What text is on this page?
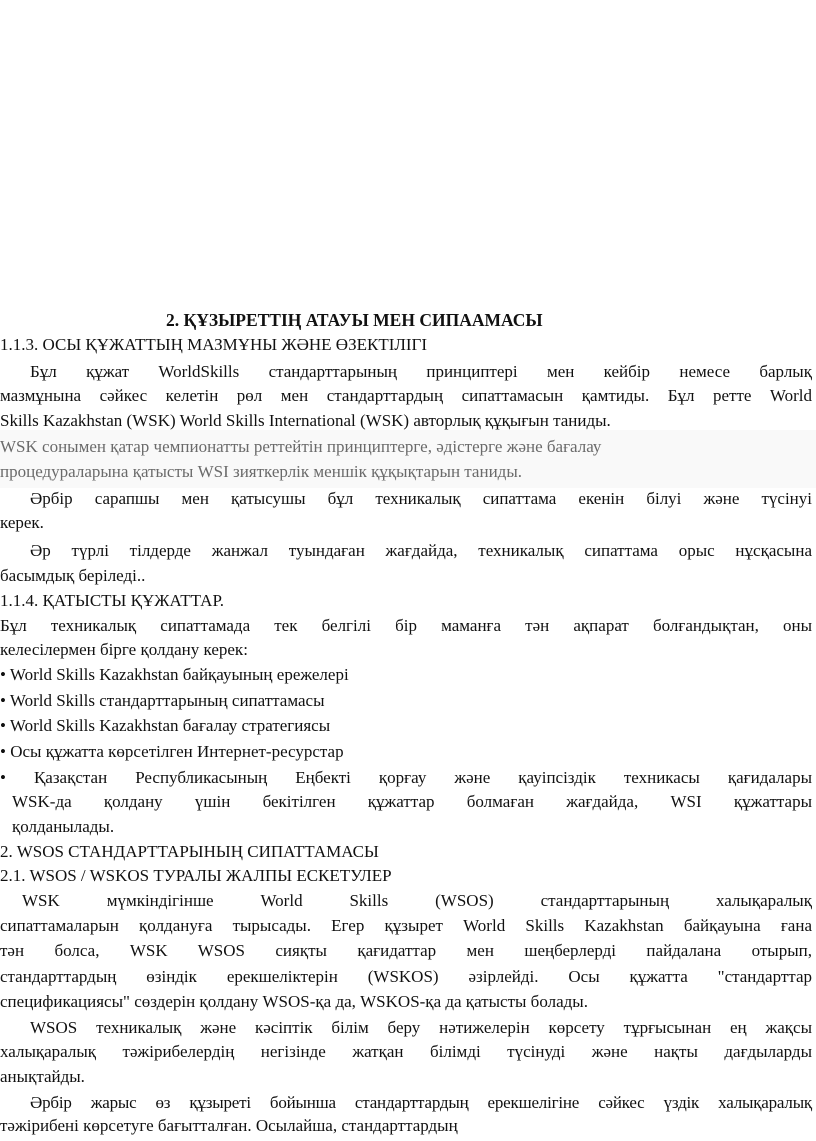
2. ҚҰЗЫРЕТТІҢ АТАУЫ МЕН СИПААМАСЫ
1.1.3. ОСЫ ҚҰЖАТТЫҢ МАЗМҰНЫ ЖӘНЕ ӨЗЕКТІЛІГІ
Бұл құжат WorldSkills стандарттарының принциптері мен кейбір немесе барлық
мазмұнына сәйкес келетін рөл мен стандарттардың сипаттамасын қамтиды. Бұл ретте World
Skills Kazakhstan (WSK) World Skills International (WSK) авторлық құқығын таниды.
WSK сонымен қатар чемпионатты реттейтін принциптерге, әдістерге және бағалау
процедураларына қатысты WSI зияткерлік меншік құқықтарын таниды.
Әрбір сарапшы мен қатысушы бұл техникалық сипаттама екенін білуі және түсінуі
керек.
Әр түрлі тілдерде жанжал туындаған жағдайда, техникалық сипаттама орыс нұсқасына
басымдық беріледі..
1.1.4. ҚАТЫСТЫ ҚҰЖАТТАР.
Бұл техникалық сипаттамада тек белгілі бір маманға тән ақпарат болғандықтан, оны
келесілермен бірге қолдану керек:
• World Skills Kazakhstan байқауының ережелері
• World Skills стандарттарының сипаттамасы
• World Skills Kazakhstan бағалау стратегиясы
• Осы құжатта көрсетілген Интернет-ресурстар
• Қазақстан Республикасының Еңбекті қорғау және қауіпсіздік техникасы қағидалары
WSK-да қолдану үшін бекітілген құжаттар болмаған жағдайда, WSI құжаттары
қолданылады.
2. WSOS СТАНДАРТТАРЫНЫҢ СИПАТТАМАСЫ
2.1. WSOS / WSKOS ТУРАЛЫ ЖАЛПЫ ЕСКЕТУЛЕР
WSK мүмкіндігінше World Skills (WSOS) стандарттарының халықаралық
сипаттамаларын қолдануға тырысады. Егер құзырет World Skills Kazakhstan байқауына ғана
тән болса, WSK WSOS сияқты қағидаттар мен шеңберлерді пайдалана отырып,
стандарттардың өзіндік ерекшеліктерін (WSKOS) әзірлейді. Осы құжатта "стандарттар
спецификациясы" сөздерін қолдану WSOS-қа да, WSKOS-қа да қатысты болады.
WSOS техникалық және кәсіптік білім беру нәтижелерін көрсету тұрғысынан ең жақсы
халықаралық тәжірибелердің негізінде жатқан білімді түсінуді және нақты дағдыларды
анықтайды.
Әрбір жарыс өз құзыреті бойынша стандарттардың ерекшелігіне сәйкес үздік халықаралық
тәжірибені көрсетуге бағытталған. Осылайша, стандарттардың
